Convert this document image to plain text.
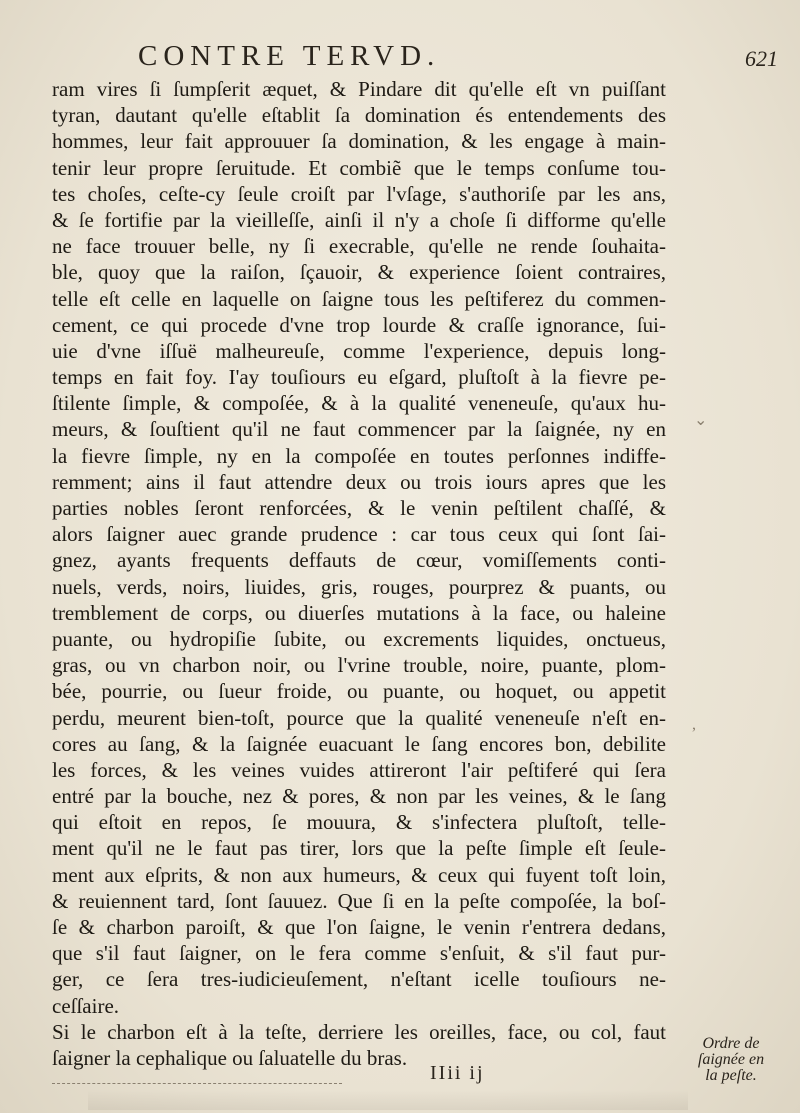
CONTRE TERVD.	621
ram vires ſi ſumpſerit æquet, & Pindare dit qu'elle eſt vn puiſſant
tyran, dautant qu'elle eſtablit ſa domination és entendements des
hommes, leur fait approuuer ſa domination, & les engage à main-
tenir leur propre ſeruitude. Et combiẽ que le temps conſume tou-
tes choſes, ceſte-cy ſeule croiſt par l'vſage, s'authoriſe par les ans,
& ſe fortifie par la vieilleſſe, ainſi il n'y a choſe ſi difforme qu'elle
ne face trouuer belle, ny ſi execrable, qu'elle ne rende ſouhaita-
ble, quoy que la raiſon, ſçauoir, & experience ſoient contraires,
telle eſt celle en laquelle on ſaigne tous les peſtiferez du commen-
cement, ce qui procede d'vne trop lourde & craſſe ignorance, ſui-
uie d'vne iſſuë malheureuſe, comme l'experience, depuis long-
temps en fait foy. I'ay touſiours eu eſgard, pluſtoſt à la fievre pe-
ſtilente ſimple, & compoſée, & à la qualité veneneuſe, qu'aux hu-
meurs, & ſouſtient qu'il ne faut commencer par la ſaignée, ny en
la fievre ſimple, ny en la compoſée en toutes perſonnes indiffe-
remment; ains il faut attendre deux ou trois iours apres que les
parties nobles ſeront renforcées, & le venin peſtilent chaſſé, &
alors ſaigner auec grande prudence : car tous ceux qui ſont ſai-
gnez, ayants frequents deffauts de cœur, vomiſſements conti-
nuels, verds, noirs, liuides, gris, rouges, pourprez & puants, ou
tremblement de corps, ou diuerſes mutations à la face, ou haleine
puante, ou hydropiſie ſubite, ou excrements liquides, onctueus,
gras, ou vn charbon noir, ou l'vrine trouble, noire, puante, plom-
bée, pourrie, ou ſueur froide, ou puante, ou hoquet, ou appetit
perdu, meurent bien-toſt, pource que la qualité veneneuſe n'eſt en-
cores au ſang, & la ſaignée euacuant le ſang encores bon, debilite
les forces, & les veines vuides attireront l'air peſtiferé qui ſera
entré par la bouche, nez & pores, & non par les veines, & le ſang
qui eſtoit en repos, ſe mouura, & s'infectera pluſtoſt, telle-
ment qu'il ne le faut pas tirer, lors que la peſte ſimple eſt ſeule-
ment aux eſprits, & non aux humeurs, & ceux qui fuyent toſt loin,
& reuiennent tard, ſont ſauuez. Que ſi en la peſte compoſée, la boſ-
ſe & charbon paroiſt, & que l'on ſaigne, le venin r'entrera dedans,
que s'il faut ſaigner, on le fera comme s'enſuit, & s'il faut pur-
ger, ce ſera tres-iudicieuſement, n'eſtant icelle touſiours ne-
ceſſaire.
Si le charbon eſt à la teſte, derriere les oreilles, face, ou col, faut
ſaigner la cephalique ou ſaluatelle du bras.
IIii ij
Ordre de
ſaignée en
la peſte.
⌄
,
